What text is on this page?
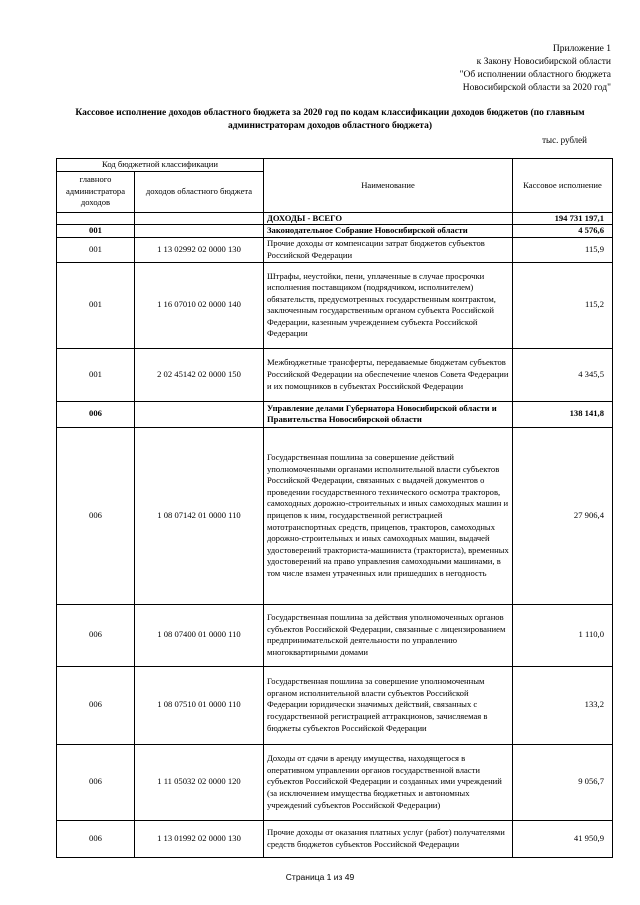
Приложение 1
к Закону Новосибирской области
"Об исполнении областного бюджета
Новосибирской области за 2020 год"
Кассовое исполнение доходов областного бюджета за 2020 год по кодам классификации доходов бюджетов (по главным
администраторам доходов областного бюджета)
тыс. рублей
Код бюджетной классификации		Наименование	Кассовое исполнение
главного администратора доходов	доходов областного бюджета		
		ДОХОДЫ - ВСЕГО	194 731 197,1
001		Законодательное Собрание Новосибирской области	4 576,6
001	1 13 02992 02 0000 130	Прочие доходы от компенсации затрат бюджетов субъектов Российской Федерации	115,9
001	1 16 07010 02 0000 140	Штрафы, неустойки, пени, уплаченные в случае просрочки исполнения поставщиком (подрядчиком, исполнителем) обязательств, предусмотренных государственным контрактом, заключенным государственным органом субъекта Российской Федерации, казенным учреждением субъекта Российской Федерации	115,2
001	2 02 45142 02 0000 150	Межбюджетные трансферты, передаваемые бюджетам субъектов Российской Федерации на обеспечение членов Совета Федерации и их помощников в субъектах Российской Федерации	4 345,5
006		Управление делами Губернатора Новосибирской области и Правительства Новосибирской области	138 141,8
006	1 08 07142 01 0000 110	Государственная пошлина за совершение действий уполномоченными органами исполнительной власти субъектов Российской Федерации, связанных с выдачей документов о проведении государственного технического осмотра тракторов, самоходных дорожно-строительных и иных самоходных машин и прицепов к ним, государственной регистрацией мототранспортных средств, прицепов, тракторов, самоходных дорожно-строительных и иных самоходных машин, выдачей удостоверений тракториста-машиниста (тракториста), временных удостоверений на право управления самоходными машинами, в том числе взамен утраченных или пришедших в негодность	27 906,4
006	1 08 07400 01 0000 110	Государственная пошлина за действия уполномоченных органов субъектов Российской Федерации, связанные с лицензированием предпринимательской деятельности по управлению многоквартирными домами	1 110,0
006	1 08 07510 01 0000 110	Государственная пошлина за совершение уполномоченным органом исполнительной власти субъектов Российской Федерации юридически значимых действий, связанных с государственной регистрацией аттракционов, зачисляемая в бюджеты субъектов Российской Федерации	133,2
006	1 11 05032 02 0000 120	Доходы от сдачи в аренду имущества, находящегося в оперативном управлении органов государственной власти субъектов Российской Федерации и созданных ими учреждений (за исключением имущества бюджетных и автономных учреждений субъектов Российской Федерации)	9 056,7
006	1 13 01992 02 0000 130	Прочие доходы от оказания платных услуг (работ) получателями средств бюджетов субъектов Российской Федерации	41 950,9
Страница 1 из 49
